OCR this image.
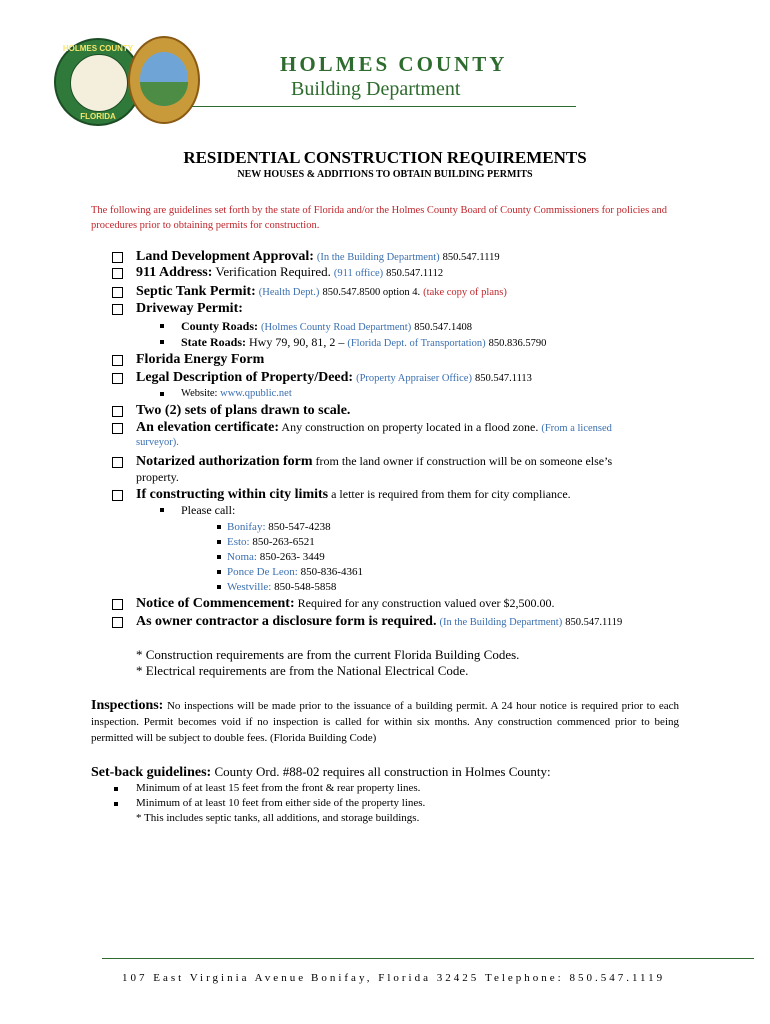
HOLMES COUNTY
FLORIDA
HOLMES COUNTY
Building Department
RESIDENTIAL CONSTRUCTION REQUIREMENTS
NEW HOUSES & ADDITIONS TO OBTAIN BUILDING PERMITS
The following are guidelines set forth by the state of Florida and/or the Holmes County Board of County Commissioners for policies and procedures prior to obtaining permits for construction.
Land Development Approval: (In the Building Department) 850.547.1119
911 Address: Verification Required. (911 office) 850.547.1112
Septic Tank Permit: (Health Dept.) 850.547.8500 option 4. (take copy of plans)
Driveway Permit:
County Roads: (Holmes County Road Department) 850.547.1408
State Roads: Hwy 79, 90, 81, 2 – (Florida Dept. of Transportation) 850.836.5790
Florida Energy Form
Legal Description of Property/Deed: (Property Appraiser Office) 850.547.1113
Website: www.qpublic.net
Two (2) sets of plans drawn to scale.
An elevation certificate: Any construction on property located in a flood zone. (From a licensed
surveyor).
Notarized authorization form from the land owner if construction will be on someone else’s
property.
If constructing within city limits a letter is required from them for city compliance.
Please call:
Bonifay: 850-547-4238
Esto: 850-263-6521
Noma: 850-263- 3449
Ponce De Leon: 850-836-4361
Westville: 850-548-5858
Notice of Commencement: Required for any construction valued over $2,500.00.
As owner contractor a disclosure form is required. (In the Building Department) 850.547.1119
* Construction requirements are from the current Florida Building Codes.
* Electrical requirements are from the National Electrical Code.
Inspections: No inspections will be made prior to the issuance of a building permit. A 24 hour notice is required prior to each inspection. Permit becomes void if no inspection is called for within six months. Any construction commenced prior to being permitted will be subject to double fees. (Florida Building Code)
Set-back guidelines: County Ord. #88-02 requires all construction in Holmes County:
Minimum of at least 15 feet from the front & rear property lines.
Minimum of at least 10 feet from either side of the property lines.
* This includes septic tanks, all additions, and storage buildings.
107 East Virginia Avenue Bonifay, Florida 32425 Telephone: 850.547.1119
